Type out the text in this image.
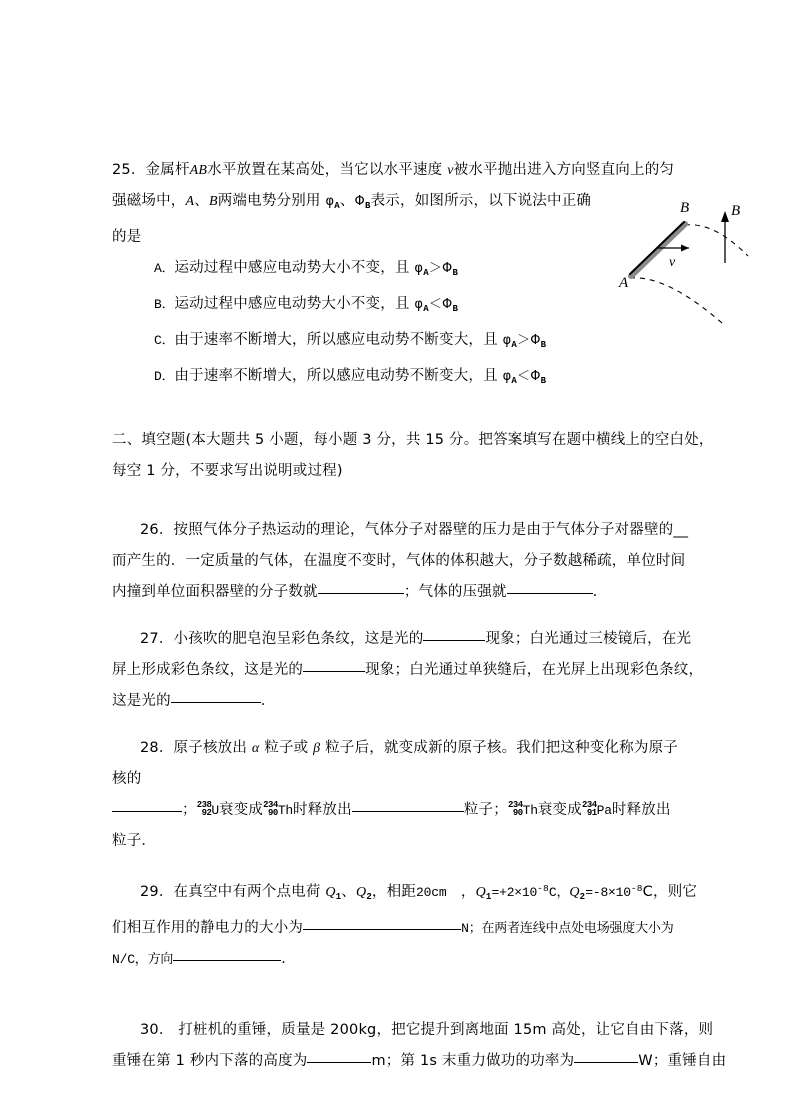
A
B
v
B
25．金属杆AB水平放置在某高处，当它以水平速度 v被水平抛出进入方向竖直向上的匀
强磁场中，A、B两端电势分别用 $\varphi_A$、$\Phi_B$表示，如图所示，以下说法中正确
的是
A．运动过程中感应电动势大小不变，且 $\varphi_A>\Phi_B$
B．运动过程中感应电动势大小不变，且 $\varphi_A<\Phi_B$
C．由于速率不断增大，所以感应电动势不断变大，且 $\varphi_A>\Phi_B$
D．由于速率不断增大，所以感应电动势不断变大，且 $\varphi_A<\Phi_B$
二、填空题(本大题共 5 小题，每小题 3 分，共 15 分。把答案填写在题中横线上的空白处，
每空 1 分，不要求写出说明或过程)
26．按照气体分子热运动的理论，气体分子对器壁的压力是由于气体分子对器壁的__
而产生的．一定质量的气体，在温度不变时，气体的体积越大，分子数越稀疏，单位时间
内撞到单位面积器壁的分子数就	；气体的压强就	．
27．小孩吹的肥皂泡呈彩色条纹，这是光的	现象；白光通过三棱镜后，在光
屏上形成彩色条纹，这是光的	现象；白光通过单狭缝后，在光屏上出现彩色条纹，
这是光的	．
28．原子核放出 α 粒子或 β 粒子后，就变成新的原子核。我们把这种变化称为原子
核的
； 238
92 U衰变成 234
90 Th时释放出	粒子； 234
90 Th衰变成 234
91 Pa时释放出
粒子．
29．在真空中有两个点电荷 $Q_1$、$Q_2$，相距20cm ，$Q_1=+2\times 10^{-8}C$，$Q_2=-8\times 10^{-8}C$，则它
们相互作用的静电力的大小为	N；在两者连线中点处电场强度大小为
N/C，方向	．
30． 打桩机的重锤，质量是 200kg，把它提升到离地面 15m 高处，让它自由下落，则
重锤在第 1 秒内下落的高度为	m；第 1s 末重力做功的功率为	W；重锤自由
